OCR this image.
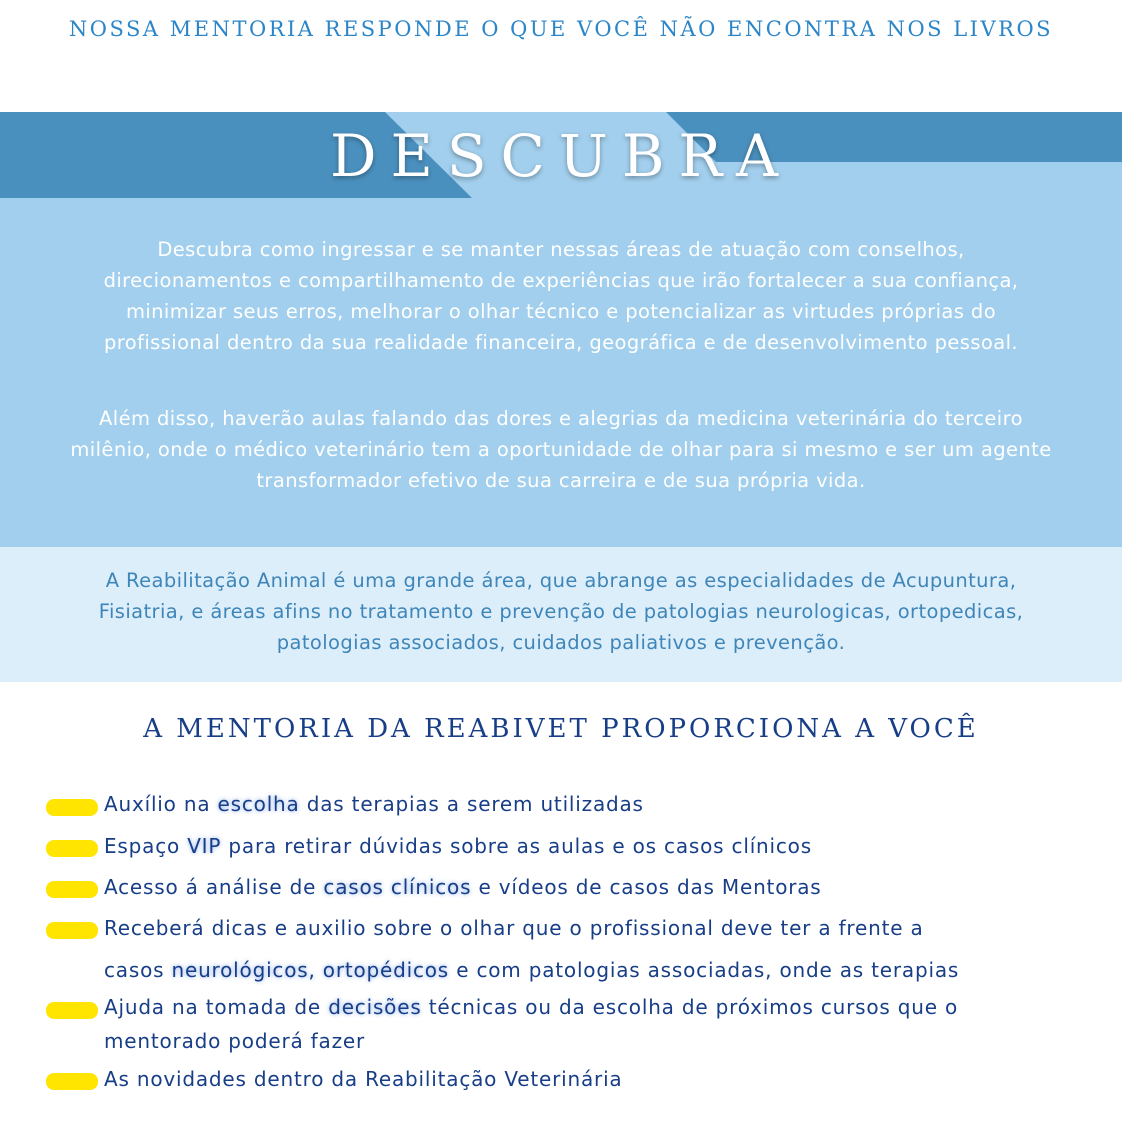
NOSSA MENTORIA RESPONDE O QUE VOCÊ NÃO ENCONTRA NOS LIVROS
DESCUBRA

Descubra como ingressar e se manter nessas áreas de atuação com conselhos, direcionamentos e compartilhamento de experiências que irão fortalecer a sua confiança, minimizar seus erros, melhorar o olhar técnico e potencializar as virtudes próprias do profissional dentro da sua realidade financeira, geográfica e de desenvolvimento pessoal.

Além disso, haverão aulas falando das dores e alegrias da medicina veterinária do terceiro milênio, onde o médico veterinário tem a oportunidade de olhar para si mesmo e ser um agente transformador efetivo de sua carreira e de sua própria vida.

A Reabilitação Animal é uma grande área, que abrange as especialidades de Acupuntura, Fisiatria, e áreas afins no tratamento e prevenção de patologias neurologicas, ortopedicas, patologias associados, cuidados paliativos e prevenção.

A MENTORIA DA REABIVET PROPORCIONA A VOCÊ
Auxílio na escolha das terapias a serem utilizadas
Espaço VIP para retirar dúvidas sobre as aulas e os casos clínicos
Acesso á análise de casos clínicos e vídeos de casos das Mentoras
Receberá dicas e auxilio sobre o olhar que o profissional deve ter a frente a
casos neurológicos, ortopédicos e com patologias associadas, onde as terapias
Ajuda na tomada de decisões técnicas ou da escolha de próximos cursos que o
mentorado poderá fazer
As novidades dentro da Reabilitação Veterinária
